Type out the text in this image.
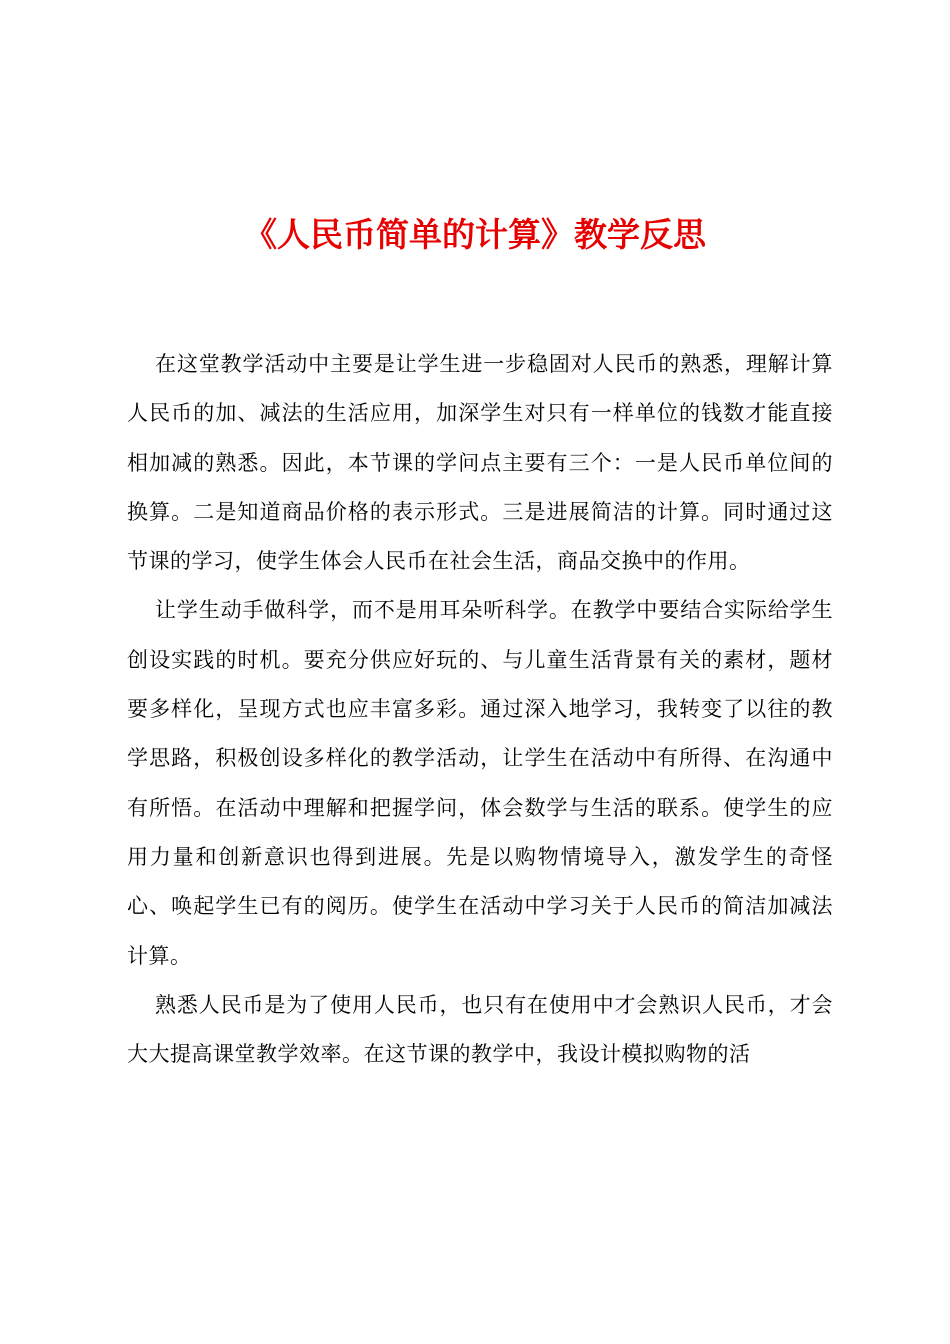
《人民币简单的计算》教学反思

在这堂教学活动中主要是让学生进一步稳固对人民币的熟悉，理解计算人民币的加、减法的生活应用，加深学生对只有一样单位的钱数才能直接相加减的熟悉。因此，本节课的学问点主要有三个：一是人民币单位间的换算。二是知道商品价格的表示形式。三是进展简洁的计算。同时通过这节课的学习，使学生体会人民币在社会生活，商品交换中的作用。

让学生动手做科学，而不是用耳朵听科学。在教学中要结合实际给学生创设实践的时机。要充分供应好玩的、与儿童生活背景有关的素材，题材要多样化，呈现方式也应丰富多彩。通过深入地学习，我转变了以往的教学思路，积极创设多样化的教学活动，让学生在活动中有所得、在沟通中有所悟。在活动中理解和把握学问，体会数学与生活的联系。使学生的应用力量和创新意识也得到进展。先是以购物情境导入，激发学生的奇怪心、唤起学生已有的阅历。使学生在活动中学习关于人民币的简洁加减法计算。

熟悉人民币是为了使用人民币，也只有在使用中才会熟识人民币，才会大大提高课堂教学效率。在这节课的教学中，我设计模拟购物的活
